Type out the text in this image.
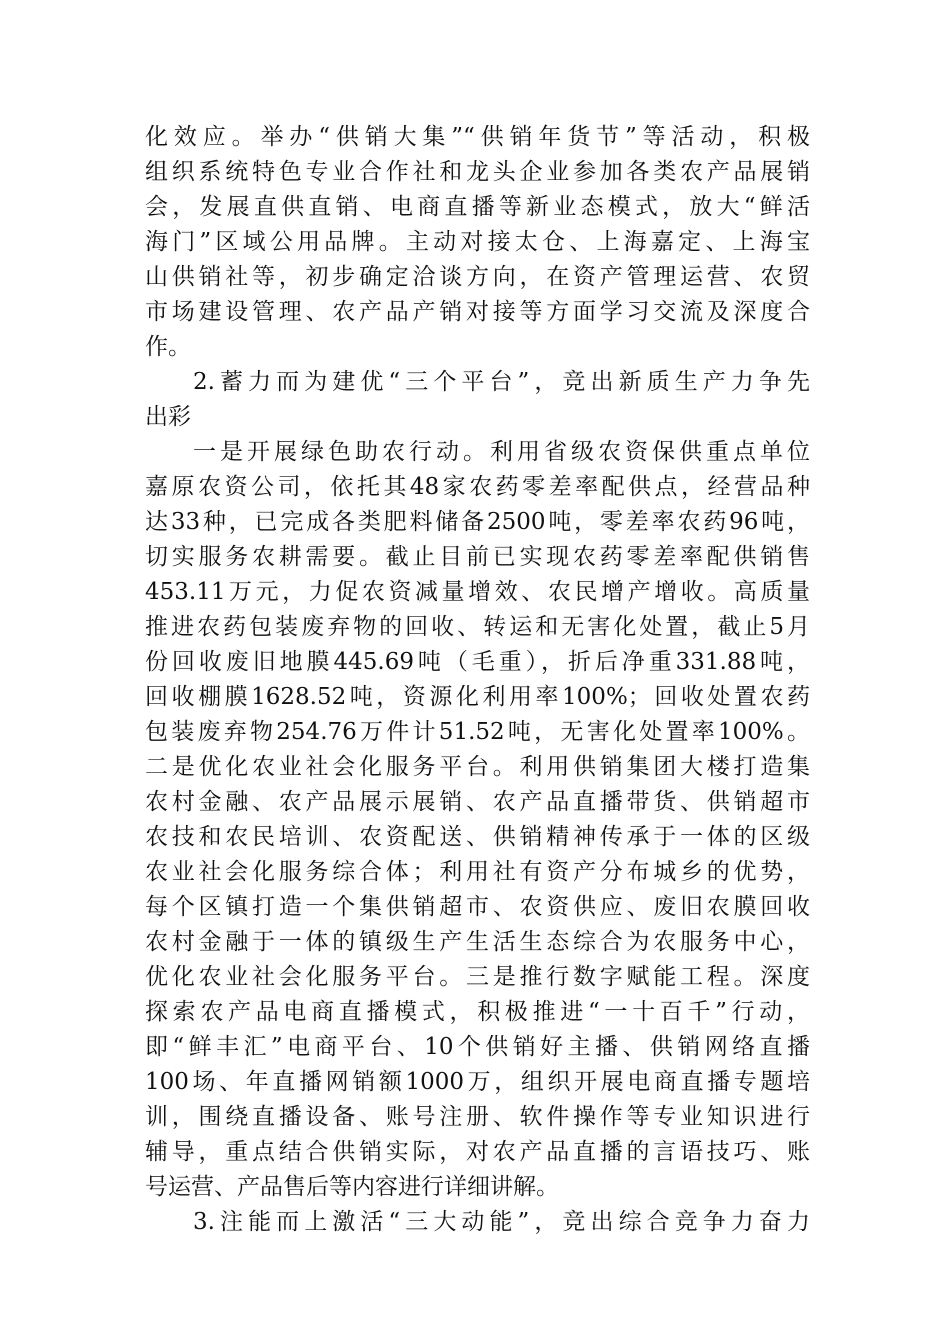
化效应。举办“供销大集”“供销年货节”等活动，积极
组织系统特色专业合作社和龙头企业参加各类农产品展销
会，发展直供直销、电商直播等新业态模式，放大“鲜活
海门”区域公用品牌。主动对接太仓、上海嘉定、上海宝
山供销社等，初步确定洽谈方向，在资产管理运营、农贸
市场建设管理、农产品产销对接等方面学习交流及深度合
作。
2.蓄力而为建优“三个平台”，竞出新质生产力争先
出彩
一是开展绿色助农行动。利用省级农资保供重点单位
嘉原农资公司，依托其48家农药零差率配供点，经营品种
达33种，已完成各类肥料储备2500吨，零差率农药96吨，
切实服务农耕需要。截止目前已实现农药零差率配供销售
453.11万元，力促农资减量增效、农民增产增收。高质量
推进农药包装废弃物的回收、转运和无害化处置，截止5月
份回收废旧地膜445.69吨（毛重），折后净重331.88吨，
回收棚膜1628.52吨，资源化利用率100%；回收处置农药
包装废弃物254.76万件计51.52吨，无害化处置率100%。
二是优化农业社会化服务平台。利用供销集团大楼打造集
农村金融、农产品展示展销、农产品直播带货、供销超市
农技和农民培训、农资配送、供销精神传承于一体的区级
农业社会化服务综合体；利用社有资产分布城乡的优势，
每个区镇打造一个集供销超市、农资供应、废旧农膜回收
农村金融于一体的镇级生产生活生态综合为农服务中心，
优化农业社会化服务平台。三是推行数字赋能工程。深度
探索农产品电商直播模式，积极推进“一十百千”行动，
即“鲜丰汇”电商平台、10个供销好主播、供销网络直播
100场、年直播网销额1000万，组织开展电商直播专题培
训，围绕直播设备、账号注册、软件操作等专业知识进行
辅导，重点结合供销实际，对农产品直播的言语技巧、账
号运营、产品售后等内容进行详细讲解。
3.注能而上激活“三大动能”，竞出综合竞争力奋力
